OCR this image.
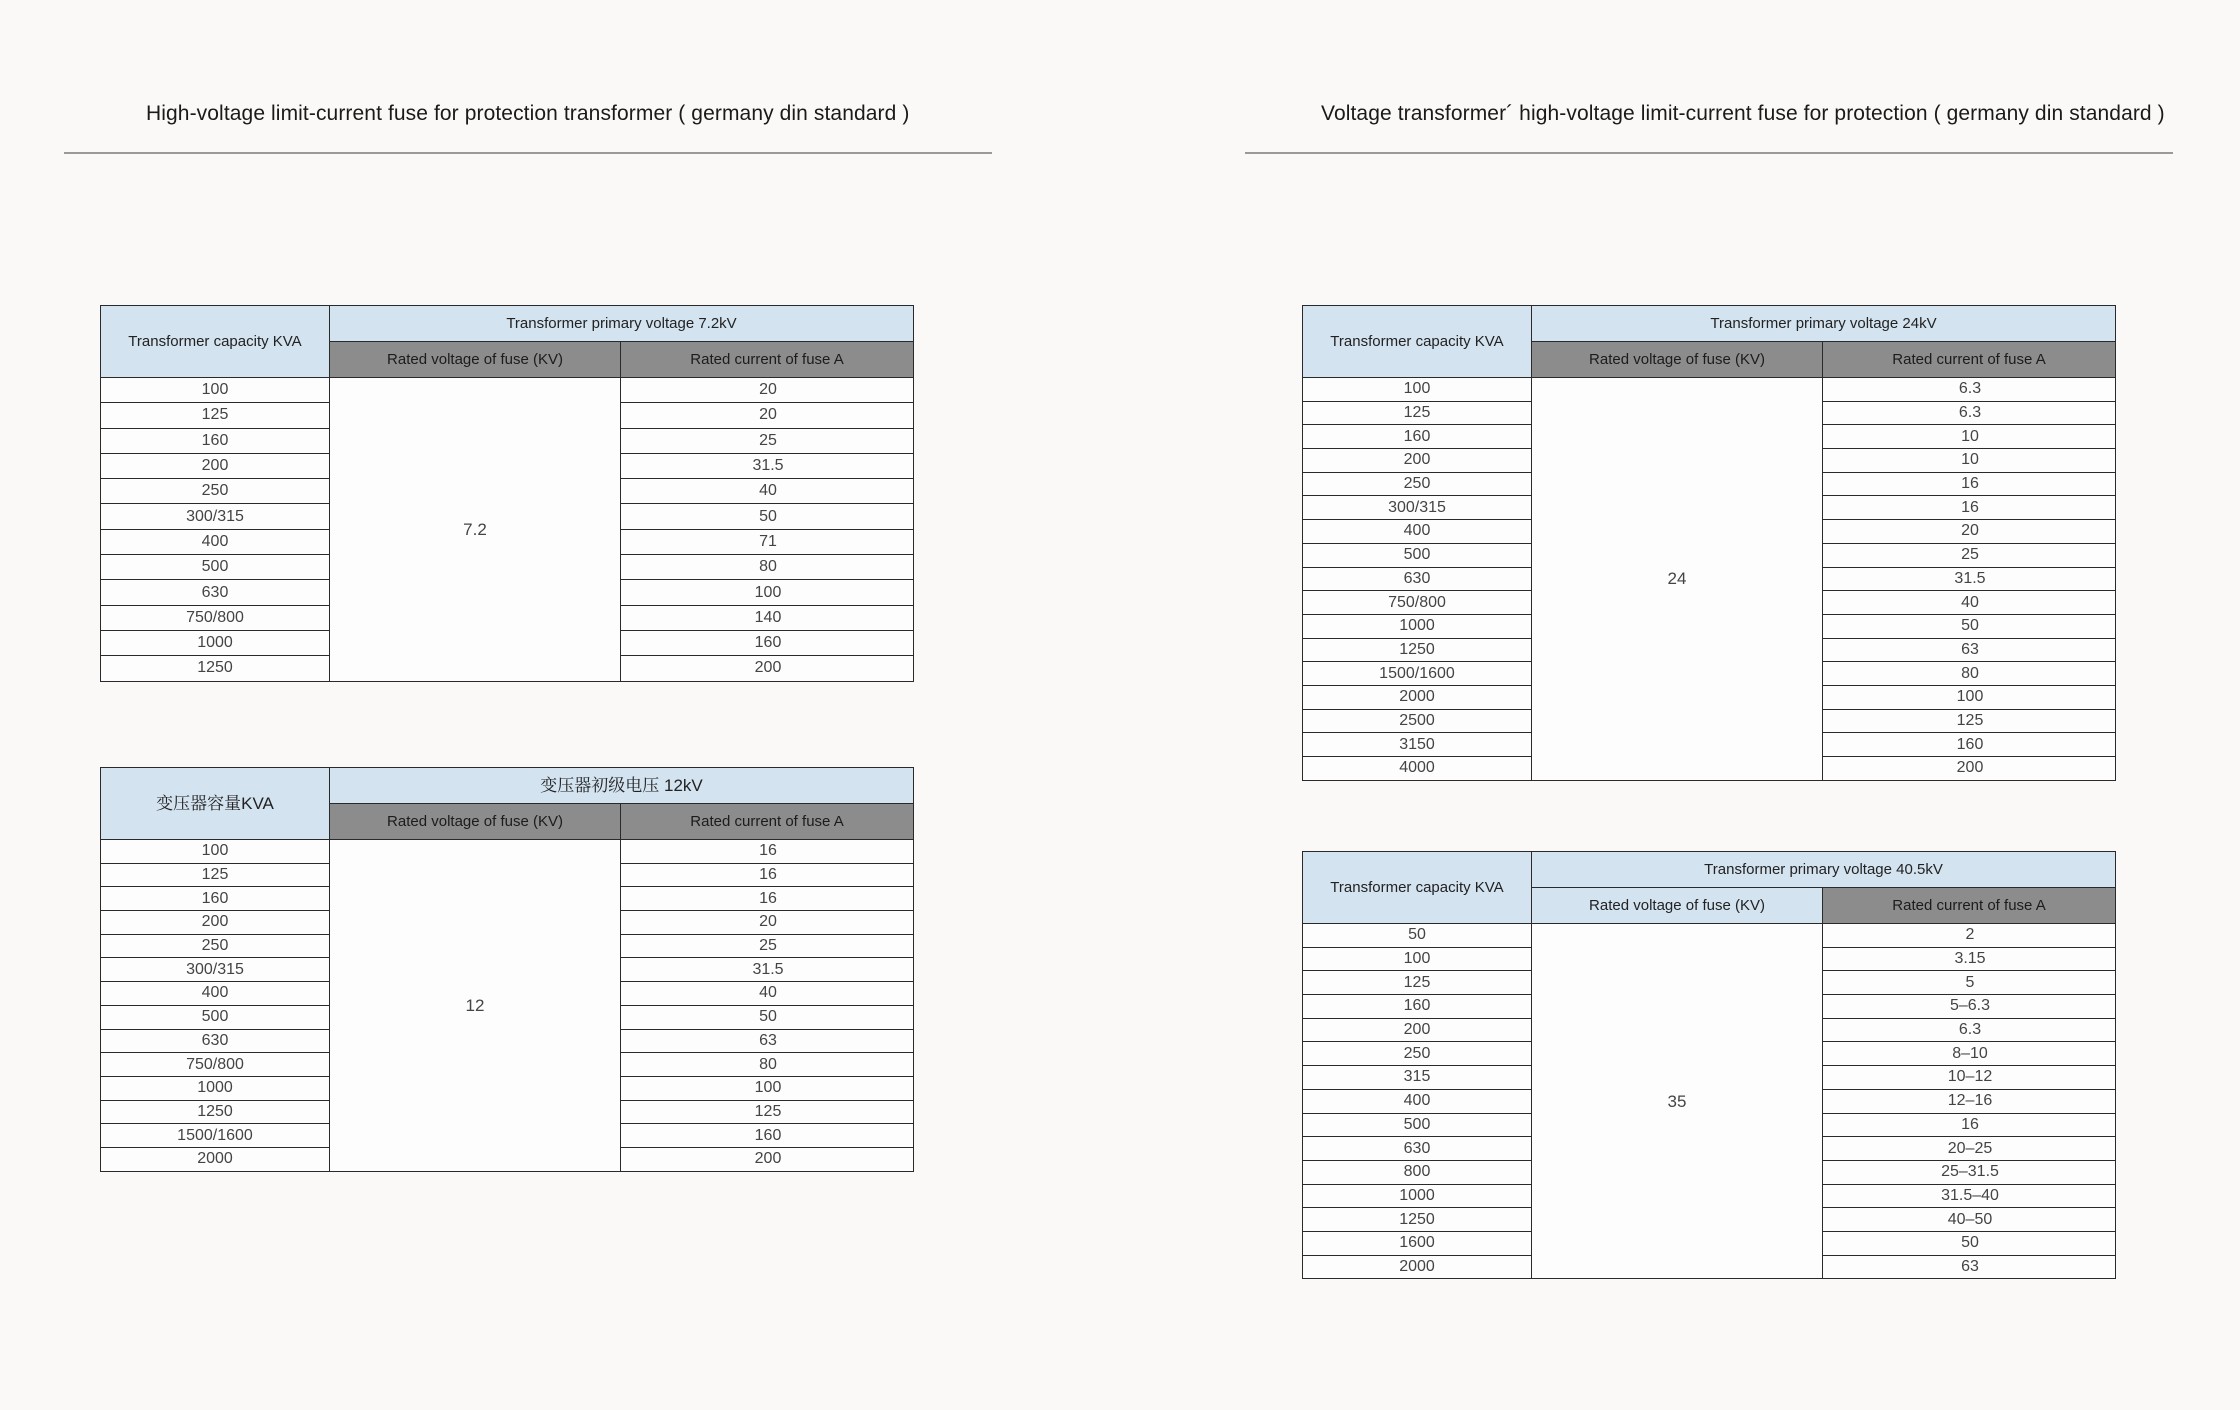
High-voltage limit-current fuse for protection transformer ( germany din standard )	Voltage transformer´ high-voltage limit-current fuse for protection ( germany din standard )
Transformer capacity KVA	Transformer primary voltage 7.2kV	
	Rated voltage of fuse (KV)	Rated current of fuse A
100	7.2	20
125		20
160		25
200		31.5
250		40
300/315		50
400		71
500		80
630		100
750/800		140
1000		160
1250		200
变压器容量KVA	变压器初级电压 12kV	
	Rated voltage of fuse (KV)	Rated current of fuse A
100	12	16
125		16
160		16
200		20
250		25
300/315		31.5
400		40
500		50
630		63
750/800		80
1000		100
1250		125
1500/1600		160
2000		200
Transformer capacity KVA	Transformer primary voltage 24kV	
	Rated voltage of fuse (KV)	Rated current of fuse A
100	24	6.3
125		6.3
160		10
200		10
250		16
300/315		16
400		20
500		25
630		31.5
750/800		40
1000		50
1250		63
1500/1600		80
2000		100
2500		125
3150		160
4000		200
Transformer capacity KVA	Transformer primary voltage 40.5kV	
	Rated voltage of fuse (KV)	Rated current of fuse A
50	35	2
100		3.15
125		5
160		5–6.3
200		6.3
250		8–10
315		10–12
400		12–16
500		16
630		20–25
800		25–31.5
1000		31.5–40
1250		40–50
1600		50
2000		63
